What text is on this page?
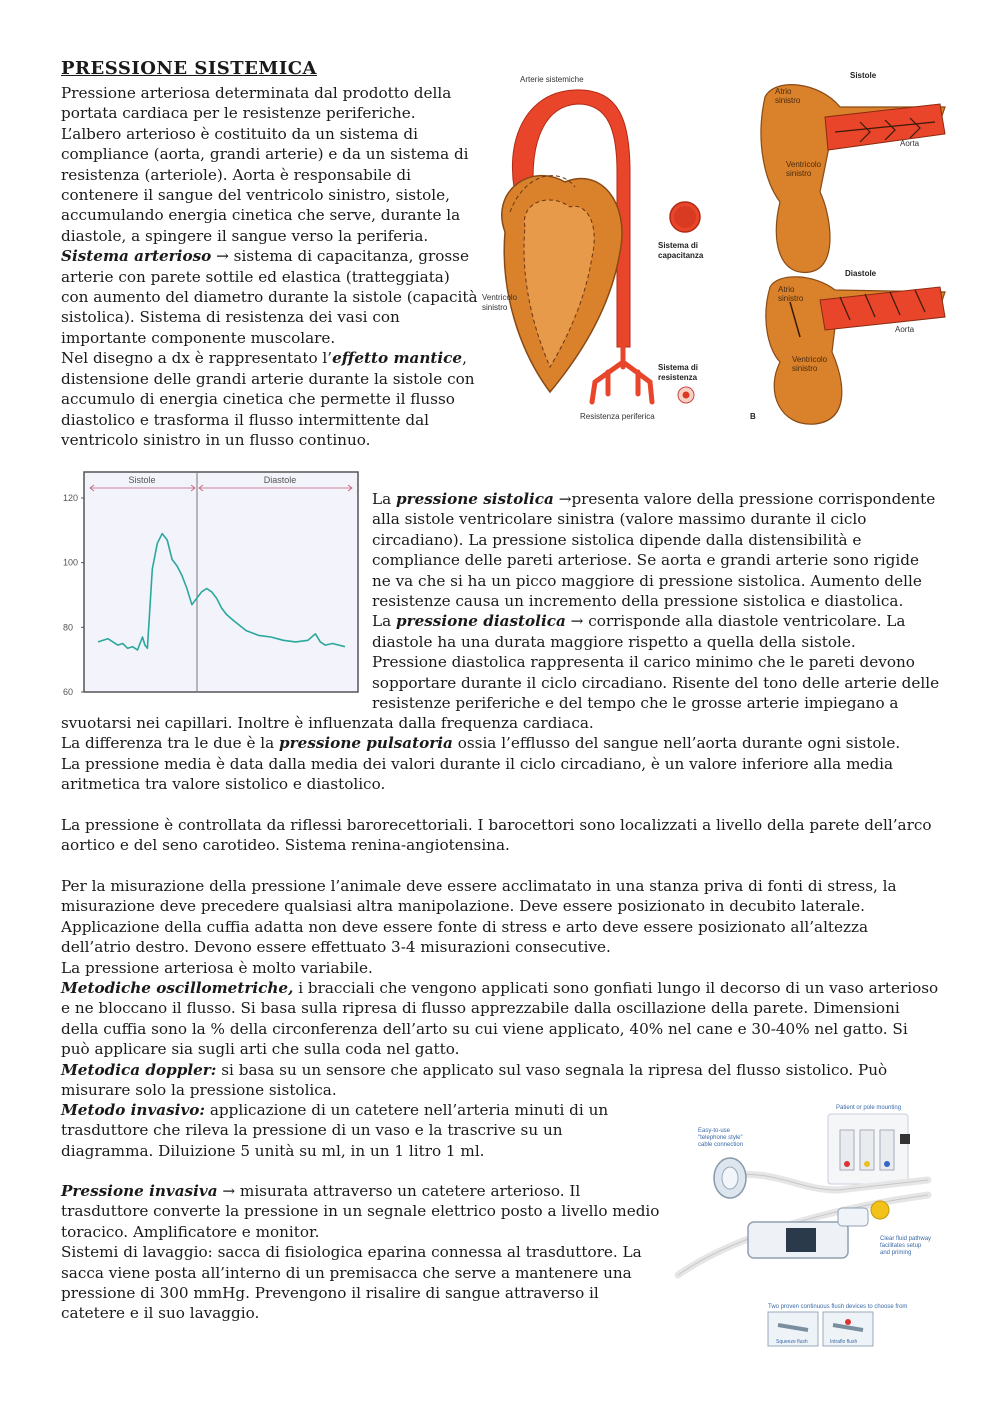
PRESSIONE SISTEMICA

Pressione arteriosa determinata dal prodotto della portata cardiaca per le resistenze periferiche. L’albero arterioso è costituito da un sistema di compliance (aorta, grandi arterie) e da un sistema di resistenza (arteriole). Aorta è responsabile di contenere il sangue del ventricolo sinistro, sistole, accumulando energia cinetica che serve, durante la diastole, a spingere il sangue verso la periferia.
Sistema arterioso → sistema di capacitanza, grosse arterie con parete sottile ed elastica (tratteggiata) con aumento del diametro durante la sistole (capacità sistolica). Sistema di resistenza dei vasi con importante componente muscolare.
Nel disegno a dx è rappresentato l’effetto mantice, distensione delle grandi arterie durante la sistole con accumulo di energia cinetica che permette il flusso diastolico e trasforma il flusso intermittente dal ventricolo sinistro in un flusso continuo.

Arterie sistemiche
Resistenza periferica
Ventricolo sinistro
Sistema di capacitanza
Sistema di resistenza
Sistole
Atrio sinistro
Aorta
Ventricolo sinistro
Diastole
Atrio sinistro
Aorta
Ventricolo sinistro
B
Sistole	Diastole
120
100
80
60

La pressione sistolica →presenta valore della pressione corrispondente alla sistole ventricolare sinistra (valore massimo durante il ciclo circadiano). La pressione sistolica dipende dalla distensibilità e compliance delle pareti arteriose. Se aorta e grandi arterie sono rigide ne va che si ha un picco maggiore di pressione sistolica. Aumento delle resistenze causa un incremento della pressione sistolica e diastolica.
La pressione diastolica → corrisponde alla diastole ventricolare. La diastole ha una durata maggiore rispetto a quella della sistole.
Pressione diastolica rappresenta il carico minimo che le pareti devono sopportare durante il ciclo circadiano. Risente del tono delle arterie delle resistenze periferiche e del tempo che le grosse arterie impiegano a

svuotarsi nei capillari. Inoltre è influenzata dalla frequenza cardiaca.
La differenza tra le due è la pressione pulsatoria ossia l’efflusso del sangue nell’aorta durante ogni sistole.
La pressione media è data dalla media dei valori durante il ciclo circadiano, è un valore inferiore alla media aritmetica tra valore sistolico e diastolico.

La pressione è controllata da riflessi barorecettoriali. I barocettori sono localizzati a livello della parete dell’arco aortico e del seno carotideo. Sistema renina-angiotensina.

Per la misurazione della pressione l’animale deve essere acclimatato in una stanza priva di fonti di stress, la misurazione deve precedere qualsiasi altra manipolazione. Deve essere posizionato in decubito laterale. Applicazione della cuffia adatta non deve essere fonte di stress e arto deve essere posizionato all’altezza dell’atrio destro. Devono essere effettuato 3-4 misurazioni consecutive.
La pressione arteriosa è molto variabile.
Metodiche oscillometriche, i bracciali che vengono applicati sono gonfiati lungo il decorso di un vaso arterioso e ne bloccano il flusso. Si basa sulla ripresa di flusso apprezzabile dalla oscillazione della parete. Dimensioni della cuffia sono la % della circonferenza dell’arto su cui viene applicato, 40% nel cane e 30-40% nel gatto. Si può applicare sia sugli arti che sulla coda nel gatto.
Metodica doppler: si basa su un sensore che applicato sul vaso segnala la ripresa del flusso sistolico. Può misurare solo la pressione sistolica.

Metodo invasivo: applicazione di un catetere nell’arteria minuti di un trasduttore che rileva la pressione di un vaso e la trascrive su un diagramma. Diluizione 5 unità su ml, in un 1 litro 1 ml.

Pressione invasiva → misurata attraverso un catetere arterioso. Il trasduttore converte la pressione in un segnale elettrico posto a livello medio toracico. Amplificatore e monitor.
Sistemi di lavaggio: sacca di fisiologica eparina connessa al trasduttore. La sacca viene posta all’interno di un premisacca che serve a mantenere una pressione di 300 mmHg. Prevengono il risalire di sangue attraverso il catetere e il suo lavaggio.

Patient or pole mounting
Easy-to-use "telephone style" cable connection
Clear fluid pathway facilitates setup and priming
Two proven continuous flush devices to choose from
Squeeze flush	Intraflo flush
